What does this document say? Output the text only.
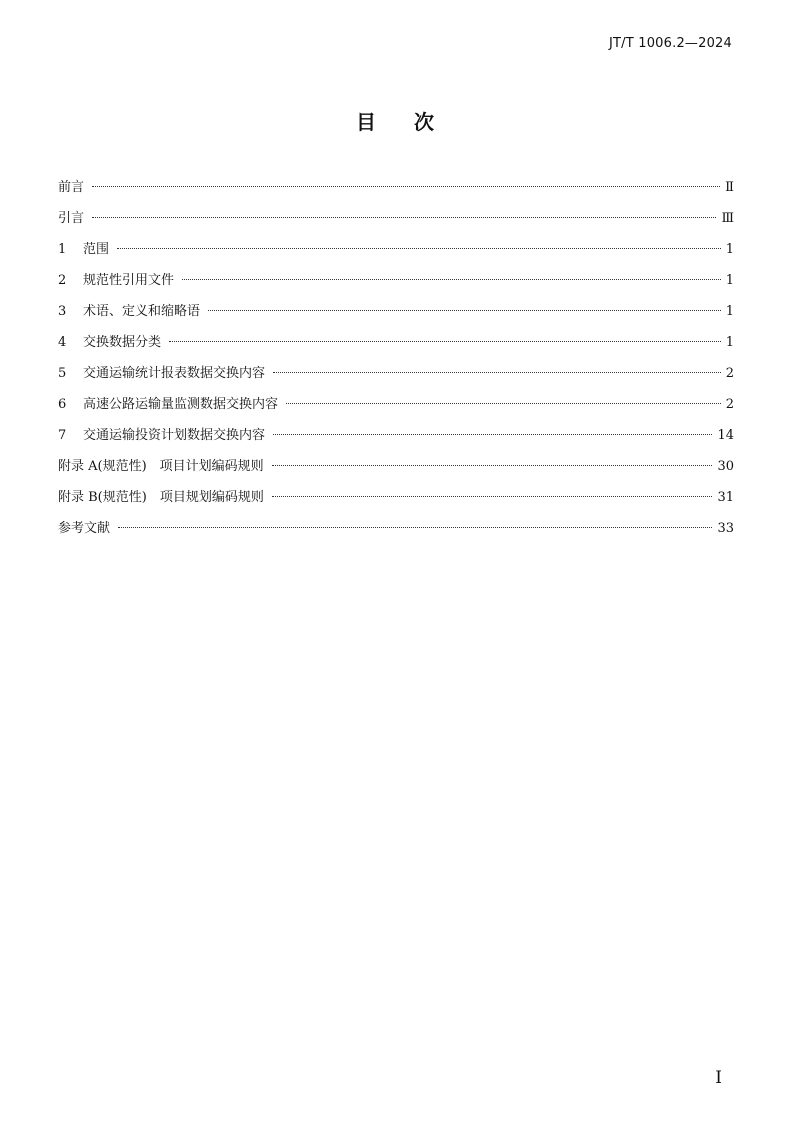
JT/T 1006.2—2024
目次
前言	Ⅱ
引言	Ⅲ
1	范围	1
2	规范性引用文件	1
3	术语、定义和缩略语	1
4	交换数据分类	1
5	交通运输统计报表数据交换内容	2
6	高速公路运输量监测数据交换内容	2
7	交通运输投资计划数据交换内容	14
附录 A(规范性)　项目计划编码规则	30
附录 B(规范性)　项目规划编码规则	31
参考文献	33
Ⅰ
